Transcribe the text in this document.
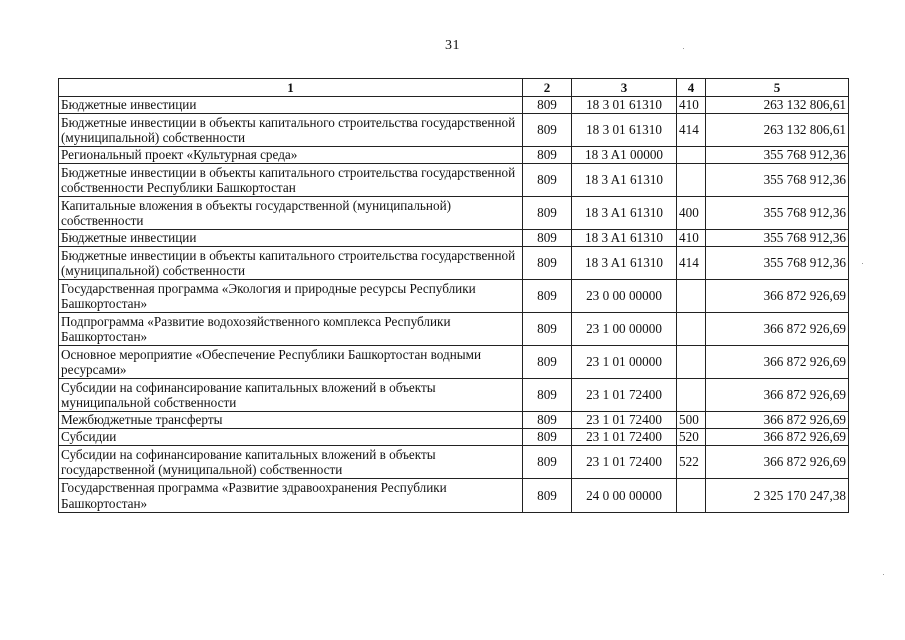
31
1	2	3	4	5
Бюджетные инвестиции	809	18 3 01 61310	410	263 132 806,61
Бюджетные инвестиции в объекты капитального строительства государственной (муниципальной) собственности	809	18 3 01 61310	414	263 132 806,61
Региональный проект «Культурная среда»	809	18 3 A1 00000		355 768 912,36
Бюджетные инвестиции в объекты капитального строительства государственной собственности Республики Башкортостан	809	18 3 A1 61310		355 768 912,36
Капитальные вложения в объекты государственной (муниципальной) собственности	809	18 3 A1 61310	400	355 768 912,36
Бюджетные инвестиции	809	18 3 A1 61310	410	355 768 912,36
Бюджетные инвестиции в объекты капитального строительства государственной (муниципальной) собственности	809	18 3 A1 61310	414	355 768 912,36
Государственная программа «Экология и природные ресурсы Республики Башкортостан»	809	23 0 00 00000		366 872 926,69
Подпрограмма «Развитие водохозяйственного комплекса Республики Башкортостан»	809	23 1 00 00000		366 872 926,69
Основное мероприятие «Обеспечение Республики Башкортостан водными ресурсами»	809	23 1 01 00000		366 872 926,69
Субсидии на софинансирование капитальных вложений в объекты муниципальной собственности	809	23 1 01 72400		366 872 926,69
Межбюджетные трансферты	809	23 1 01 72400	500	366 872 926,69
Субсидии	809	23 1 01 72400	520	366 872 926,69
Субсидии на софинансирование капитальных вложений в объекты государственной (муниципальной) собственности	809	23 1 01 72400	522	366 872 926,69
Государственная программа «Развитие здравоохранения Республики Башкортостан»	809	24 0 00 00000		2 325 170 247,38
